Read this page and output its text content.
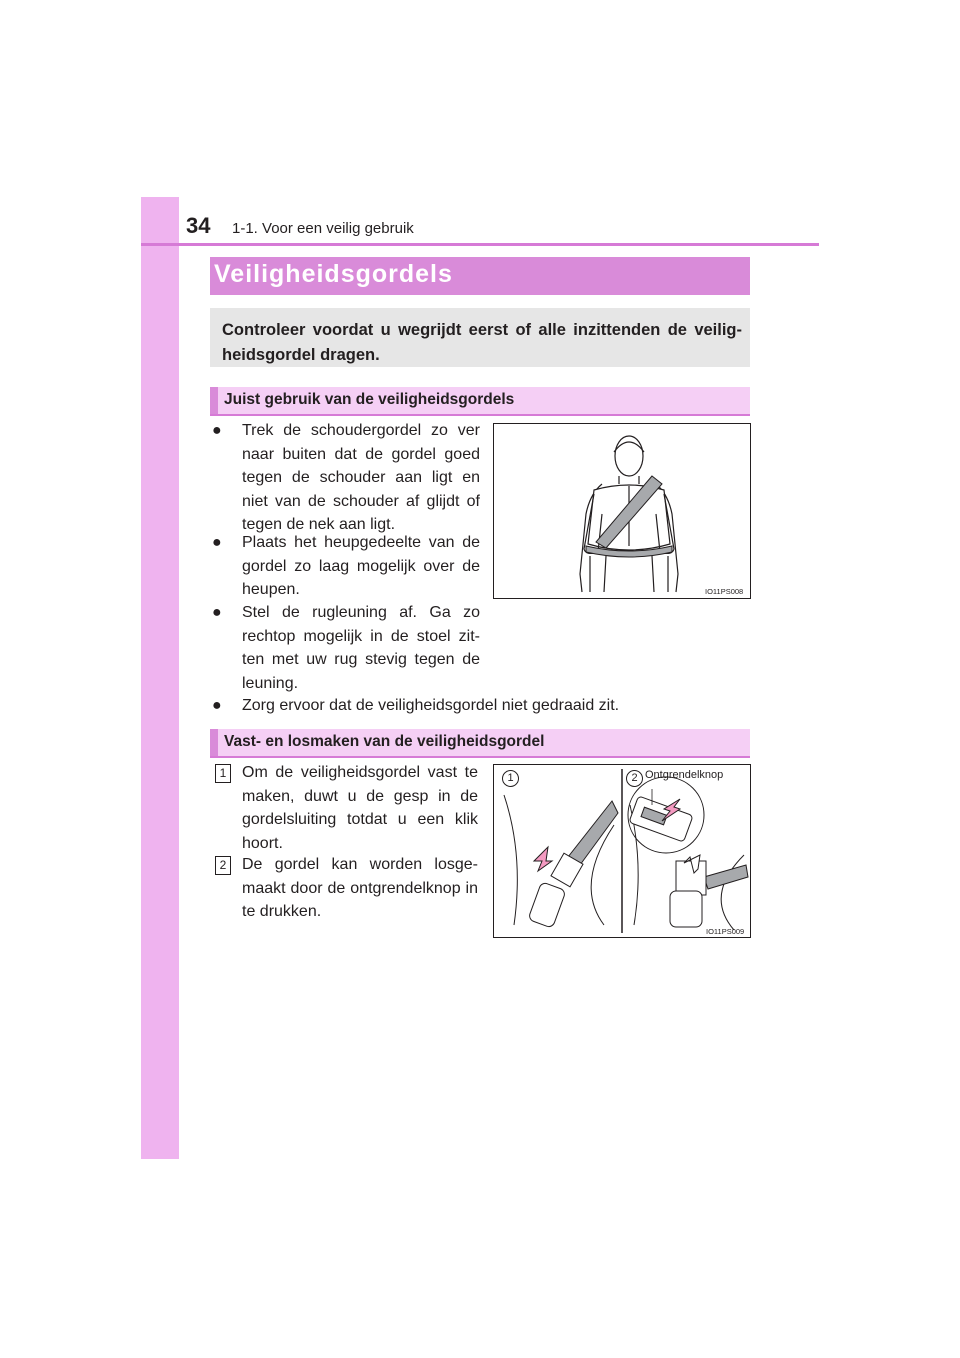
34 1-1. Voor een veilig gebruik
Veiligheidsgordels

Controleer voordat u wegrijdt eerst of alle inzittenden de veilig-heidsgordel dragen.

Juist gebruik van de veiligheidsgordels
●	Trek de schoudergordel zo ver naar buiten dat de gordel goed tegen de schouder aan ligt en niet van de schouder af glijdt of tegen de nek aan ligt.
●	Plaats het heupgedeelte van de gordel zo laag mogelijk over de heupen.
●	Stel de rugleuning af. Ga zo rechtop mogelijk in de stoel zit-ten met uw rug stevig tegen de leuning.
●	Zorg ervoor dat de veiligheidsgordel niet gedraaid zit.
IO11PS008
Vast- en losmaken van de veiligheidsgordel
1 Om de veiligheidsgordel vast te maken, duwt u de gesp in de gordelsluiting totdat u een klik hoort.
2 De gordel kan worden losge-maakt door de ontgrendelknop in te drukken.
1	2 Ontgrendelknop
IO11PS009
